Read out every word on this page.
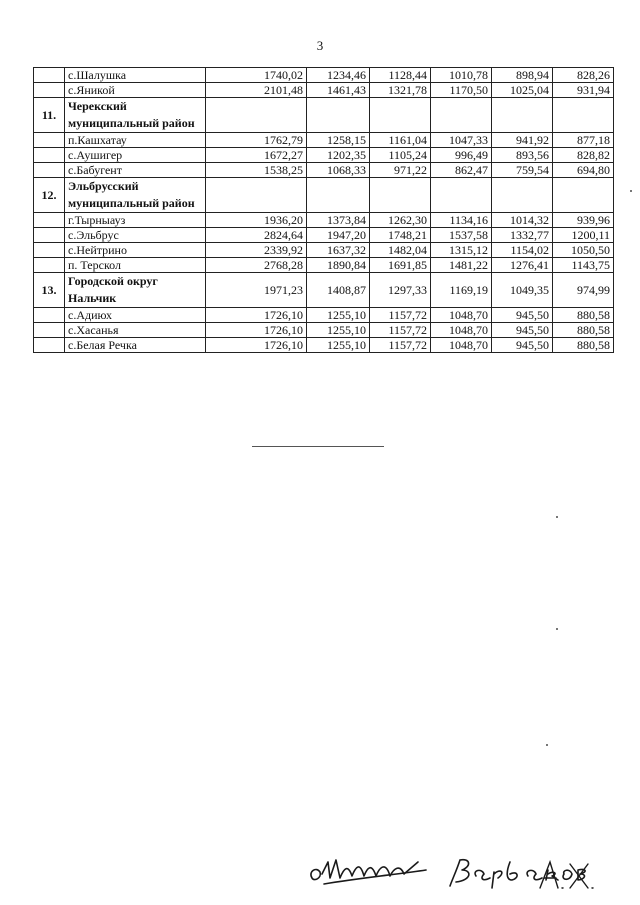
3
	с.Шалушка	1740,02	1234,46	1128,44	1010,78	898,94	828,26
	с.Яникой	2101,48	1461,43	1321,78	1170,50	1025,04	931,94
11.	Черекский муниципальный район						
	п.Кашхатау	1762,79	1258,15	1161,04	1047,33	941,92	877,18
	с.Аушигер	1672,27	1202,35	1105,24	996,49	893,56	828,82
	с.Бабугент	1538,25	1068,33	971,22	862,47	759,54	694,80
12.	Эльбрусский муниципальный район						
	г.Тырныауз	1936,20	1373,84	1262,30	1134,16	1014,32	939,96
	с.Эльбрус	2824,64	1947,20	1748,21	1537,58	1332,77	1200,11
	с.Нейтрино	2339,92	1637,32	1482,04	1315,12	1154,02	1050,50
	п. Терскол	2768,28	1890,84	1691,85	1481,22	1276,41	1143,75
13.	Городской округ Нальчик	1971,23	1408,87	1297,33	1169,19	1049,35	974,99
	с.Адиюх	1726,10	1255,10	1157,72	1048,70	945,50	880,58
	с.Хасанья	1726,10	1255,10	1157,72	1048,70	945,50	880,58
	с.Белая Речка	1726,10	1255,10	1157,72	1048,70	945,50	880,58
